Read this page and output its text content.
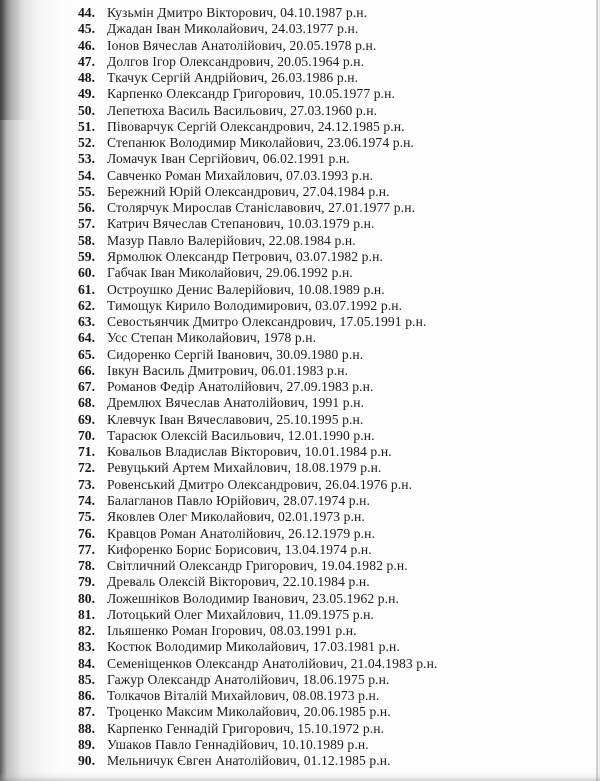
44. Кузьмін Дмитро Вікторович, 04.10.1987 р.н.
45. Джадан Іван Миколайович, 24.03.1977 р.н.
46. Іонов Вячеслав Анатолійович, 20.05.1978 р.н.
47. Долгов Ігор Олександрович, 20.05.1964 р.н.
48. Ткачук Сергій Андрійович, 26.03.1986 р.н.
49. Карпенко Олександр Григорович, 10.05.1977 р.н.
50. Лепетюха Василь Васильович, 27.03.1960 р.н.
51. Півоварчук Сергій Олександрович, 24.12.1985 р.н.
52. Степанюк Володимир Миколайович, 23.06.1974 р.н.
53. Ломачук Іван Сергійович, 06.02.1991 р.н.
54. Савченко Роман Михайлович, 07.03.1993 р.н.
55. Бережний Юрій Олександрович, 27.04.1984 р.н.
56. Столярчук Мирослав Станіславович, 27.01.1977 р.н.
57. Катрич Вячеслав Степанович, 10.03.1979 р.н.
58. Мазур Павло Валерійович, 22.08.1984 р.н.
59. Ярмолюк Олександр Петрович, 03.07.1982 р.н.
60. Габчак Іван Миколайович, 29.06.1992 р.н.
61. Остроушко Денис Валерійович, 10.08.1989 р.н.
62. Тимощук Кирило Володимирович, 03.07.1992 р.н.
63. Севостьянчик Дмитро Олександрович, 17.05.1991 р.н.
64. Усс Степан Миколайович, 1978 р.н.
65. Сидоренко Сергій Іванович, 30.09.1980 р.н.
66. Івкун Василь Дмитрович, 06.01.1983 р.н.
67. Романов Федір Анатолійович, 27.09.1983 р.н.
68. Дремлюх Вячеслав Анатолійович, 1991 р.н.
69. Клевчук Іван Вячеславович, 25.10.1995 р.н.
70. Тарасюк Олексій Васильович, 12.01.1990 р.н.
71. Ковальов Владислав Вікторович, 10.01.1984 р.н.
72. Ревуцький Артем Михайлович, 18.08.1979 р.н.
73. Ровенський Дмитро Олександрович, 26.04.1976 р.н.
74. Балагланов Павло Юрійович, 28.07.1974 р.н.
75. Яковлев Олег Миколайович, 02.01.1973 р.н.
76. Кравцов Роман Анатолійович, 26.12.1979 р.н.
77. Кифоренко Борис Борисович, 13.04.1974 р.н.
78. Світличний Олександр Григорович, 19.04.1982 р.н.
79. Древаль Олексій Вікторович, 22.10.1984 р.н.
80. Ложешніков Володимир Іванович, 23.05.1962 р.н.
81. Лотоцький Олег Михайлович, 11.09.1975 р.н.
82. Ільяшенко Роман Ігорович, 08.03.1991 р.н.
83. Костюк Володимир Миколайович, 17.03.1981 р.н.
84. Семеніщенков Олександр Анатолійович, 21.04.1983 р.н.
85. Гажур Олександр Анатолійович, 18.06.1975 р.н.
86. Толкачов Віталій Михайлович, 08.08.1973 р.н.
87. Троценко Максим Миколайович, 20.06.1985 р.н.
88. Карпенко Геннадій Григорович, 15.10.1972 р.н.
89. Ушаков Павло Геннадійович, 10.10.1989 р.н.
90. Мельничук Євген Анатолійович, 01.12.1985 р.н.
